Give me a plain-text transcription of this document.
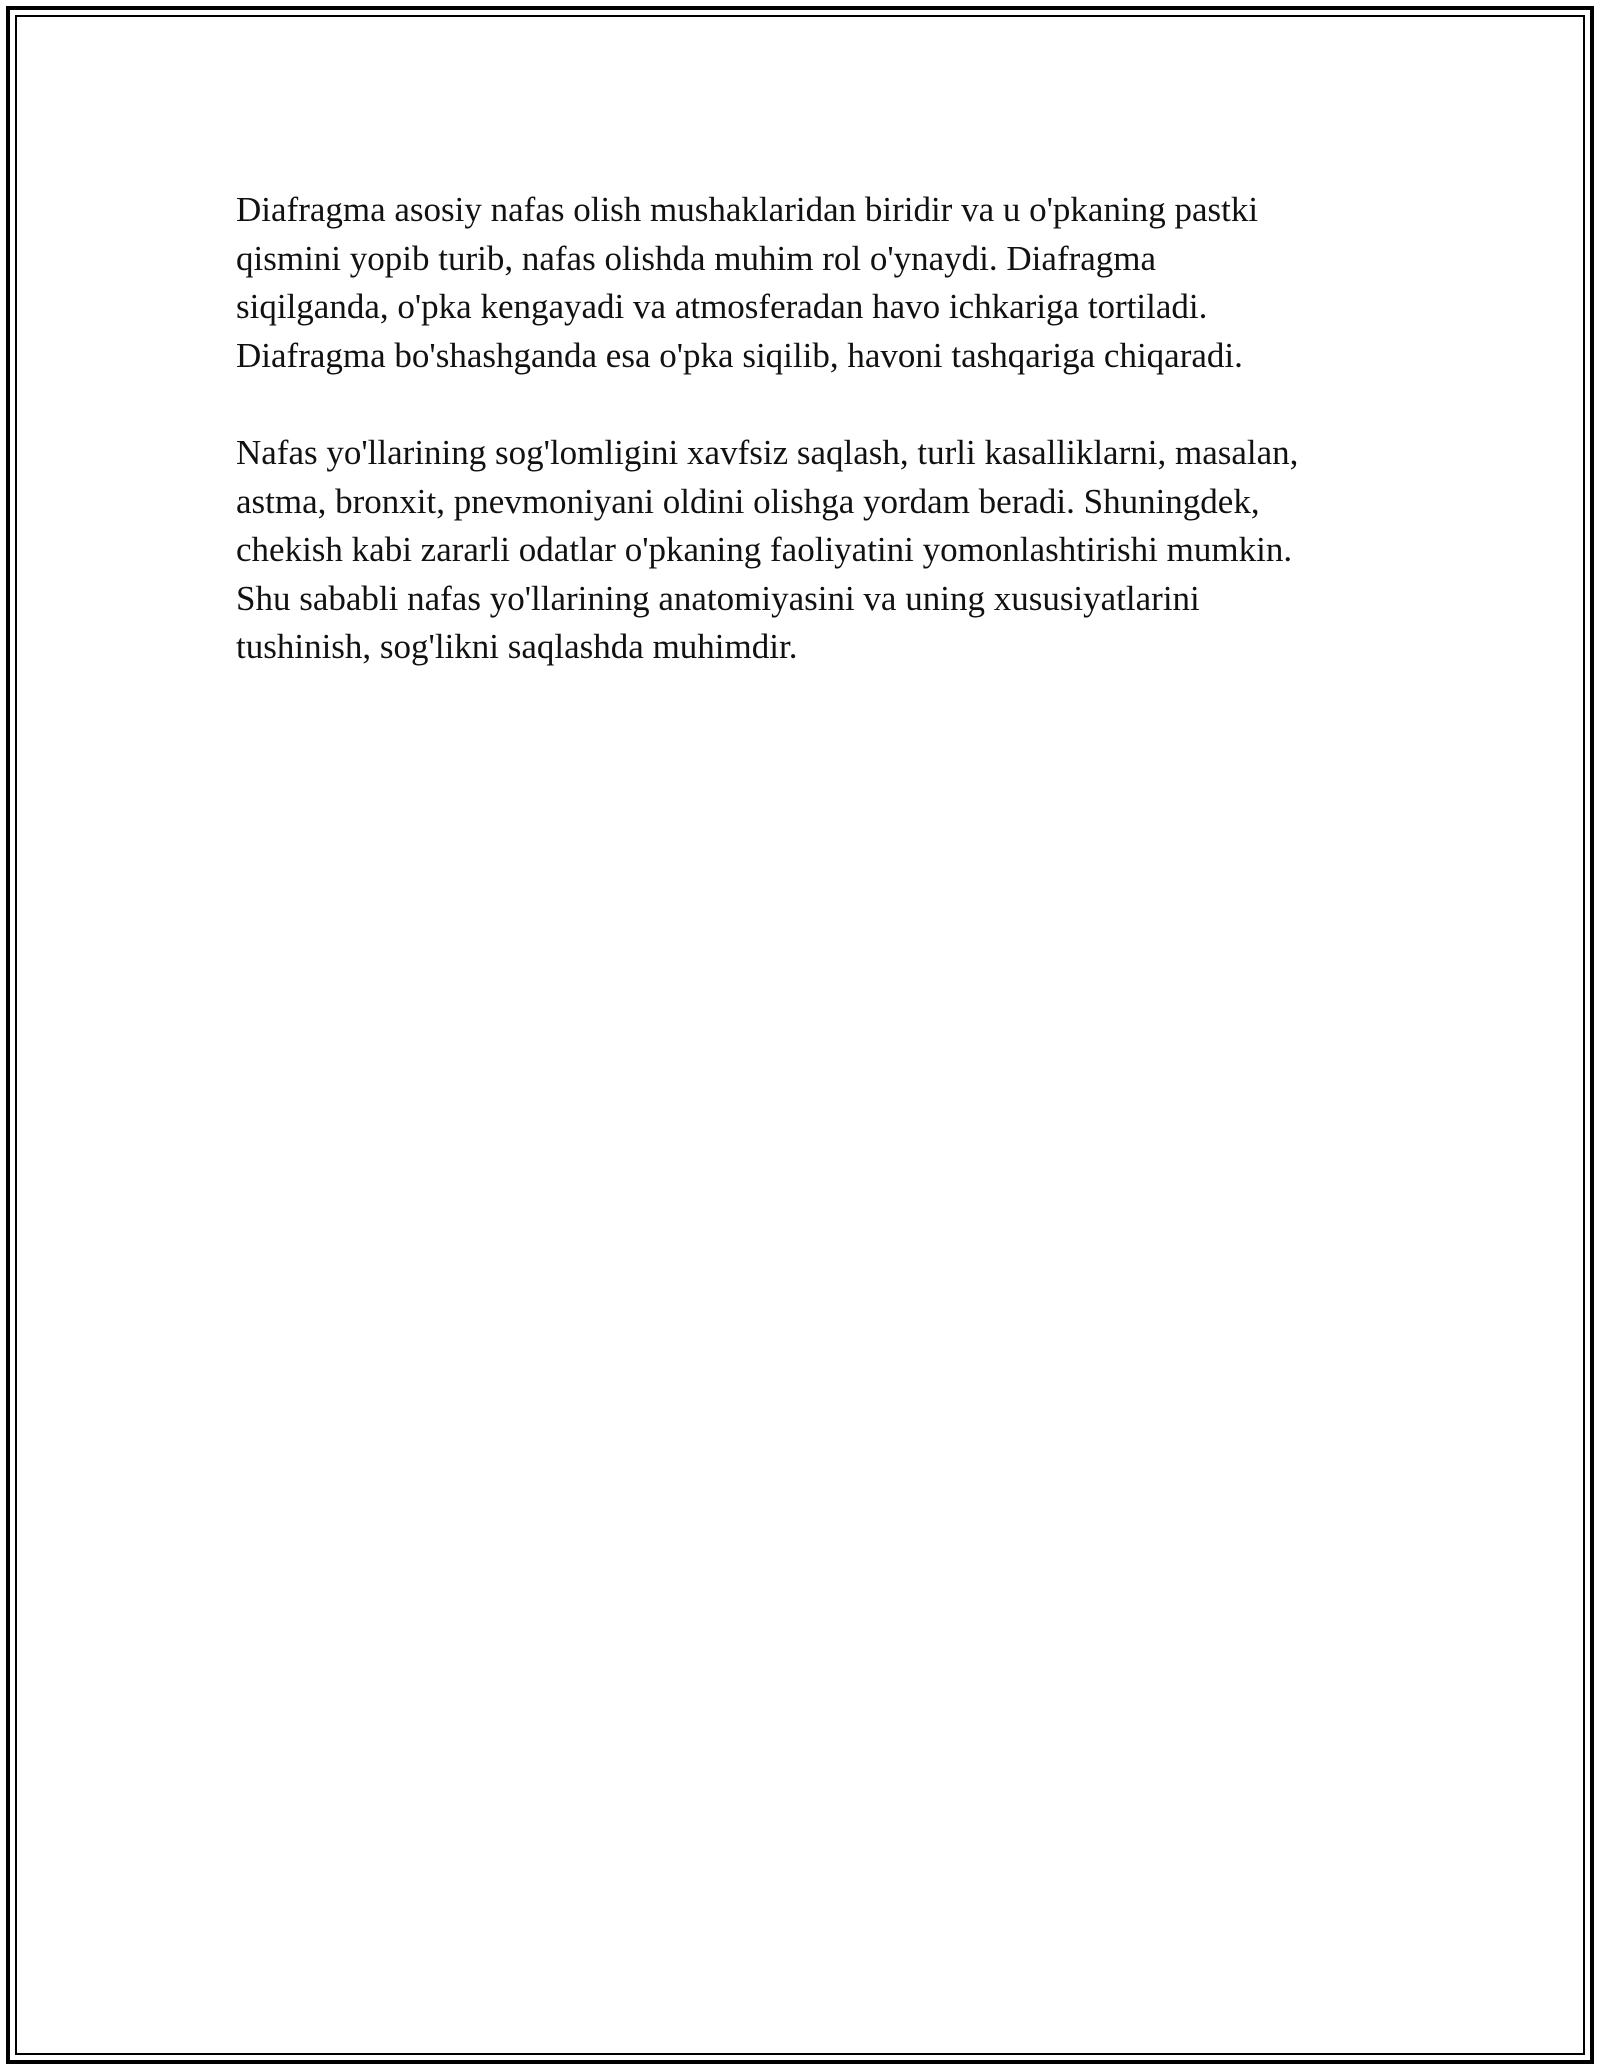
Diafragma asosiy nafas olish mushaklaridan biridir va u o'pkaning pastki
qismini yopib turib, nafas olishda muhim rol o'ynaydi. Diafragma
siqilganda, o'pka kengayadi va atmosferadan havo ichkariga tortiladi.
Diafragma bo'shashganda esa o'pka siqilib, havoni tashqariga chiqaradi.

Nafas yo'llarining sog'lomligini xavfsiz saqlash, turli kasalliklarni, masalan,
astma, bronxit, pnevmoniyani oldini olishga yordam beradi. Shuningdek,
chekish kabi zararli odatlar o'pkaning faoliyatini yomonlashtirishi mumkin.
Shu sababli nafas yo'llarining anatomiyasini va uning xususiyatlarini
tushinish, sog'likni saqlashda muhimdir.
